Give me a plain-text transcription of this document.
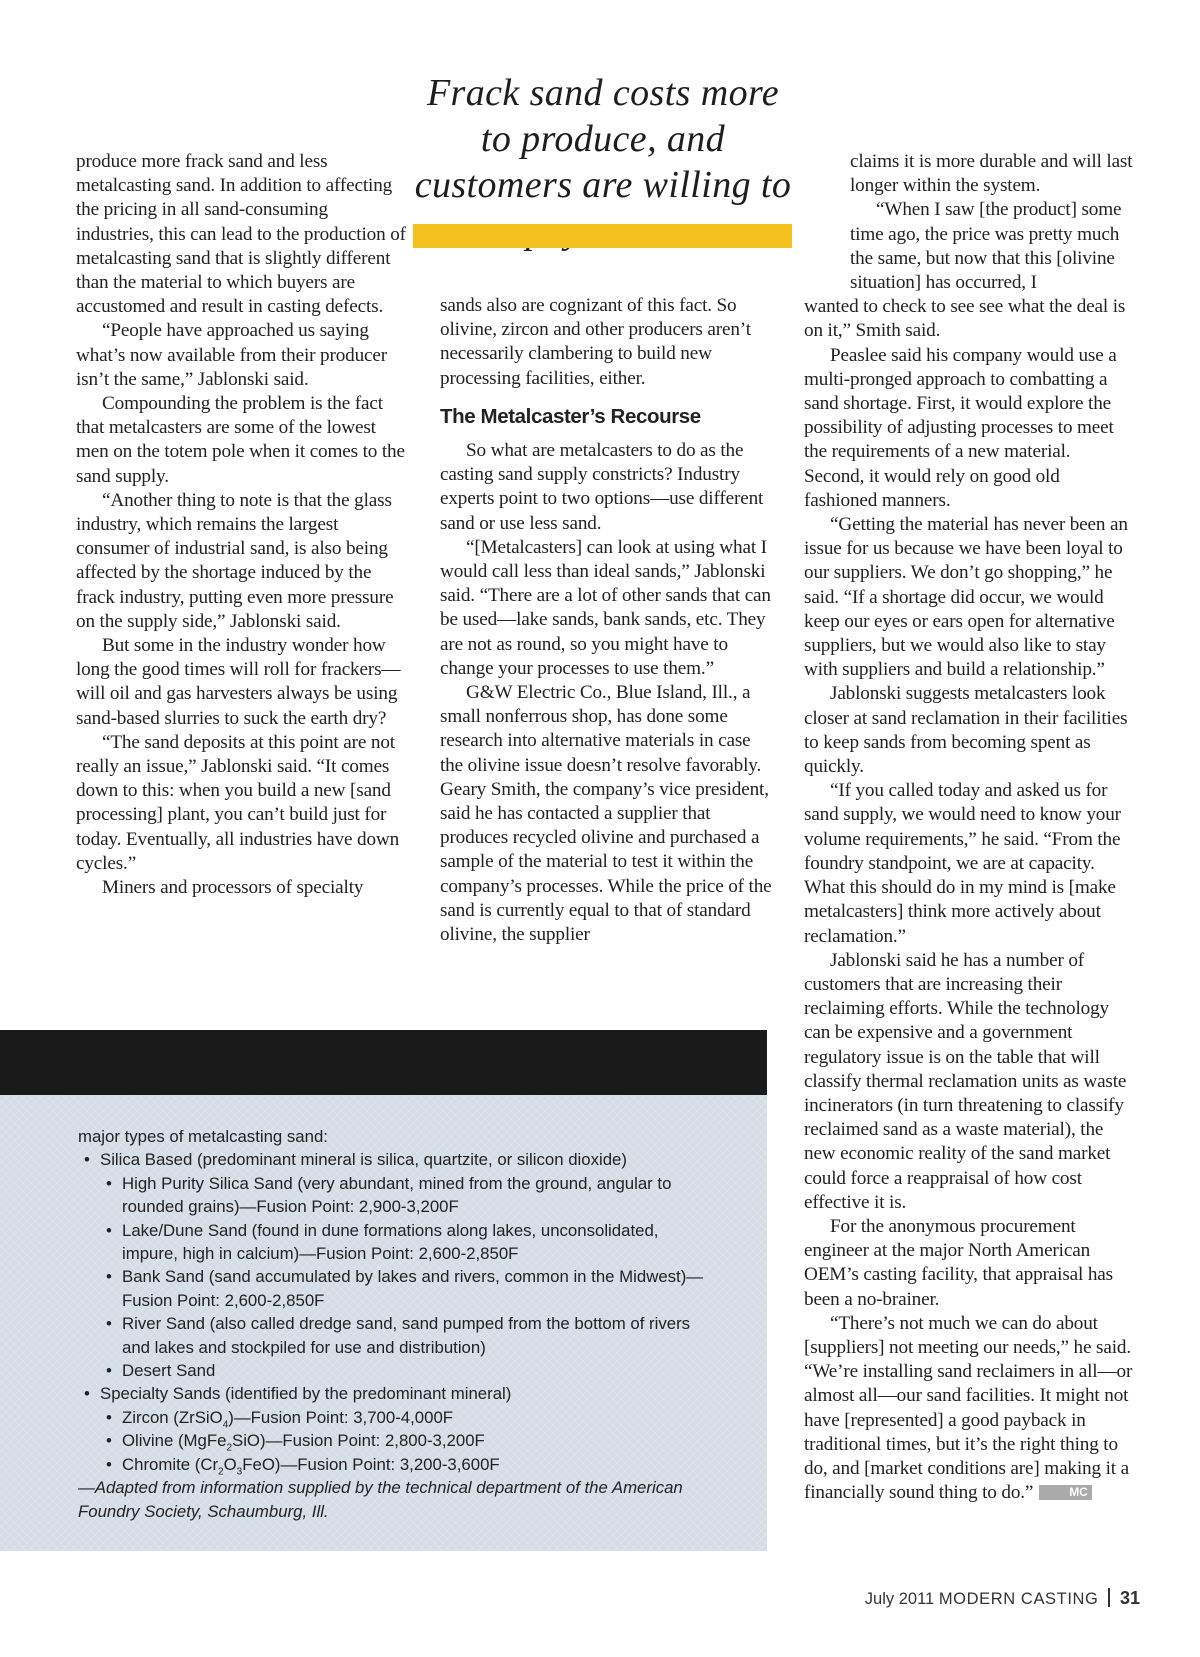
Frack sand costs more to produce, and customers are willing to

produce more frack sand and less metalcasting sand. In addition to affecting the pricing in all sand-consuming industries, this can lead to the production of metalcasting sand that is slightly different than the material to which buyers are accustomed and result in casting defects.

“People have approached us saying what’s now available from their producer isn’t the same,” Jablonski said.

Compounding the problem is the fact that metalcasters are some of the lowest men on the totem pole when it comes to the sand supply.

“Another thing to note is that the glass industry, which remains the largest consumer of industrial sand, is also being affected by the shortage induced by the frack industry, putting even more pressure on the supply side,” Jablonski said.

But some in the industry wonder how long the good times will roll for frackers—will oil and gas harvesters always be using sand-based slurries to suck the earth dry?

“The sand deposits at this point are not really an issue,” Jablonski said. “It comes down to this: when you build a new [sand processing] plant, you can’t build just for today. Eventually, all industries have down cycles.”

Miners and processors of specialty

sands also are cognizant of this fact. So olivine, zircon and other producers aren’t necessarily clambering to build new processing facilities, either.

The Metalcaster’s Recourse

So what are metalcasters to do as the casting sand supply constricts? Industry experts point to two options—use different sand or use less sand.

“[Metalcasters] can look at using what I would call less than ideal sands,” Jablonski said. “There are a lot of other sands that can be used—lake sands, bank sands, etc. They are not as round, so you might have to change your processes to use them.”

G&W Electric Co., Blue Island, Ill., a small nonferrous shop, has done some research into alternative materials in case the olivine issue doesn’t resolve favorably. Geary Smith, the company’s vice president, said he has contacted a supplier that produces recycled olivine and purchased a sample of the material to test it within the company’s processes. While the price of the sand is currently equal to that of standard olivine, the supplier

claims it is more durable and will last longer within the system.

“When I saw [the product] some time ago, the price was pretty much the same, but now that this [olivine situation] has occurred, I

wanted to check to see see what the deal is on it,” Smith said.

Peaslee said his company would use a multi-pronged approach to combatting a sand shortage. First, it would explore the possibility of adjusting processes to meet the requirements of a new material. Second, it would rely on good old fashioned manners.

“Getting the material has never been an issue for us because we have been loyal to our suppliers. We don’t go shopping,” he said. “If a shortage did occur, we would keep our eyes or ears open for alternative suppliers, but we would also like to stay with suppliers and build a relationship.”

Jablonski suggests metalcasters look closer at sand reclamation in their facilities to keep sands from becoming spent as quickly.

“If you called today and asked us for sand supply, we would need to know your volume requirements,” he said. “From the foundry standpoint, we are at capacity. What this should do in my mind is [make metalcasters] think more actively about reclamation.”

Jablonski said he has a number of customers that are increasing their reclaiming efforts. While the technology can be expensive and a government regulatory issue is on the table that will classify thermal reclamation units as waste incinerators (in turn threatening to classify reclaimed sand as a waste material), the new economic reality of the sand market could force a reappraisal of how cost effective it is.

For the anonymous procurement engineer at the major North American OEM’s casting facility, that appraisal has been a no-brainer.

“There’s not much we can do about [suppliers] not meeting our needs,” he said. “We’re installing sand reclaimers in all—or almost all—our sand facilities. It might not have [represented] a good payback in traditional times, but it’s the right thing to do, and [market conditions are] making it a financially sound thing to do.”	MC

major types of metalcasting sand:
• Silica Based (predominant mineral is silica, quartzite, or silicon dioxide)
• High Purity Silica Sand (very abundant, mined from the ground, angular to rounded grains)—Fusion Point: 2,900-3,200F
• Lake/Dune Sand (found in dune formations along lakes, unconsolidated, impure, high in calcium)—Fusion Point: 2,600-2,850F
• Bank Sand (sand accumulated by lakes and rivers, common in the Midwest)—Fusion Point: 2,600-2,850F
• River Sand (also called dredge sand, sand pumped from the bottom of rivers and lakes and stockpiled for use and distribution)
• Desert Sand
• Specialty Sands (identified by the predominant mineral)
• Zircon (ZrSiO$_4$)—Fusion Point: 3,700-4,000F
• Olivine (MgFe$_2$SiO)—Fusion Point: 2,800-3,200F
• Chromite $(Cr_2O_3FeO)—Fusion$ Point: 3,200-3,600F
—Adapted from information supplied by the technical department of the American Foundry Society, Schaumburg, Ill.
July 2011 MODERN CASTING 31
